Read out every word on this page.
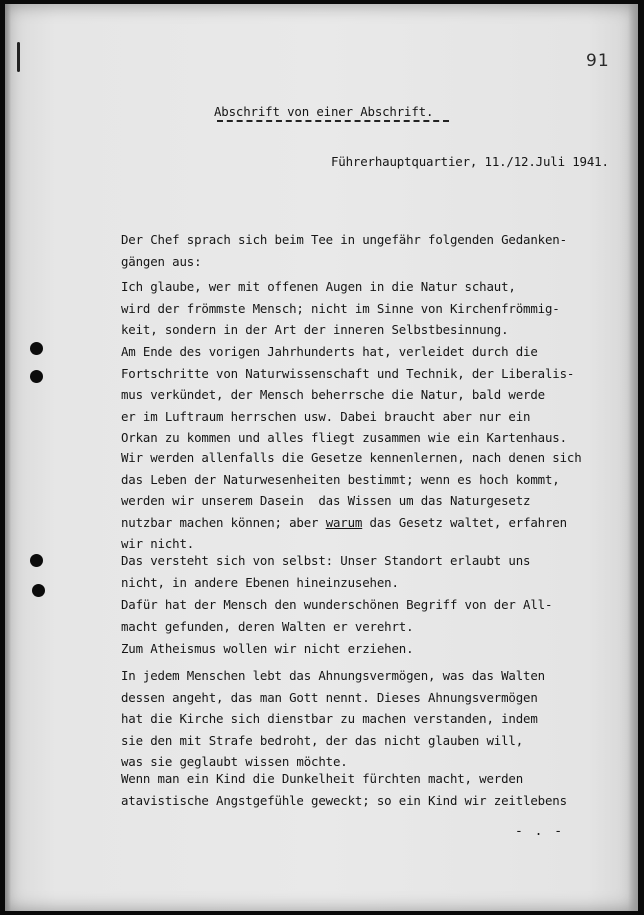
91
Abschrift von einer Abschrift.
Führerhauptquartier, 11./12.Juli 1941.

Der Chef sprach sich beim Tee in ungefähr folgenden Gedanken-
gängen aus:

Ich glaube, wer mit offenen Augen in die Natur schaut,
wird der frömmste Mensch; nicht im Sinne von Kirchenfrömmig-
keit, sondern in der Art der inneren Selbstbesinnung.

Am Ende des vorigen Jahrhunderts hat, verleidet durch die
Fortschritte von Naturwissenschaft und Technik, der Liberalis-
mus verkündet, der Mensch beherrsche die Natur, bald werde
er im Luftraum herrschen usw. Dabei braucht aber nur ein
Orkan zu kommen und alles fliegt zusammen wie ein Kartenhaus.

Wir werden allenfalls die Gesetze kennenlernen, nach denen sich
das Leben der Naturwesenheiten bestimmt; wenn es hoch kommt,
werden wir unserem Dasein  das Wissen um das Naturgesetz
nutzbar machen können; aber warum das Gesetz waltet, erfahren
wir nicht.

Das versteht sich von selbst: Unser Standort erlaubt uns
nicht, in andere Ebenen hineinzusehen.

Dafür hat der Mensch den wunderschönen Begriff von der All-
macht gefunden, deren Walten er verehrt.

Zum Atheismus wollen wir nicht erziehen.

In jedem Menschen lebt das Ahnungsvermögen, was das Walten
dessen angeht, das man Gott nennt. Dieses Ahnungsvermögen
hat die Kirche sich dienstbar zu machen verstanden, indem
sie den mit Strafe bedroht, der das nicht glauben will,
was sie geglaubt wissen möchte.

Wenn man ein Kind die Dunkelheit fürchten macht, werden
atavistische Angstgefühle geweckt; so ein Kind wir zeitlebens

- . -
